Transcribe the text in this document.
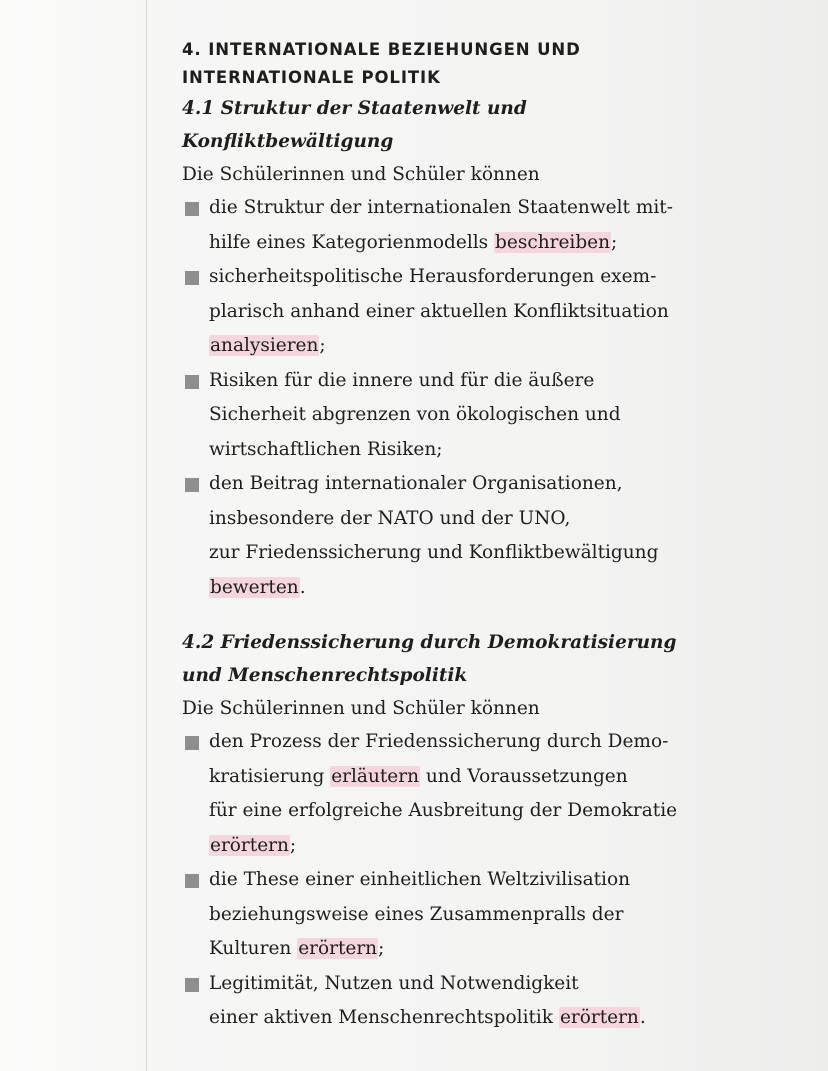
4. INTERNATIONALE BEZIEHUNGEN UND
INTERNATIONALE POLITIK
4.1 Struktur der Staatenwelt und Konfliktbewältigung
Die Schülerinnen und Schüler können
die Struktur der internationalen Staatenwelt mit-
hilfe eines Kategorienmodells beschreiben;
sicherheitspolitische Herausforderungen exem-
plarisch anhand einer aktuellen Konfliktsituation
analysieren;
Risiken für die innere und für die äußere
Sicherheit abgrenzen von ökologischen und
wirtschaftlichen Risiken;
den Beitrag internationaler Organisationen,
insbesondere der NATO und der UNO,
zur Friedenssicherung und Konfliktbewältigung
bewerten.
4.2 Friedenssicherung durch Demokratisierung
und Menschenrechtspolitik
Die Schülerinnen und Schüler können
den Prozess der Friedenssicherung durch Demo-
kratisierung erläutern und Voraussetzungen
für eine erfolgreiche Ausbreitung der Demokratie
erörtern;
die These einer einheitlichen Weltzivilisation
beziehungsweise eines Zusammenpralls der
Kulturen erörtern;
Legitimität, Nutzen und Notwendigkeit
einer aktiven Menschenrechtspolitik erörtern.
